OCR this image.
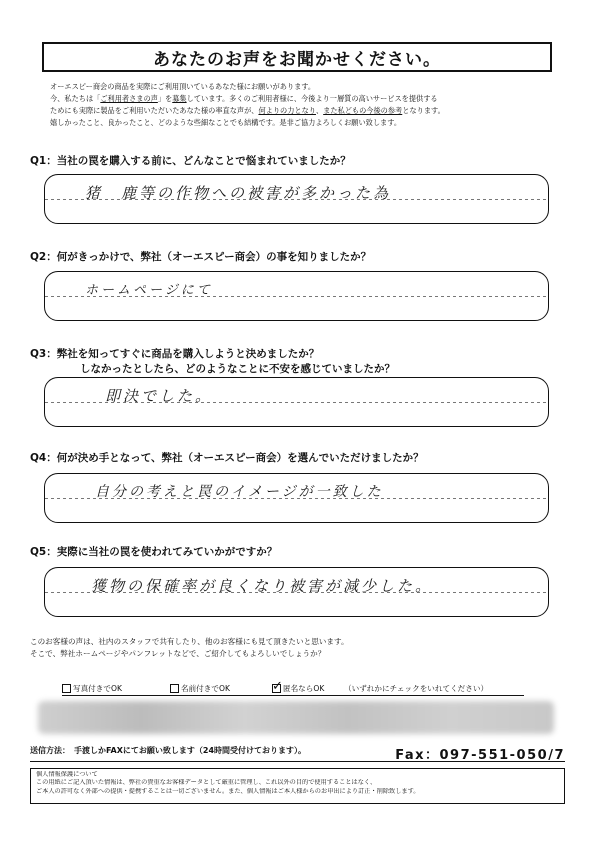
あなたのお声をお聞かせください。
オーエスピー商会の商品を実際にご利用頂いているあなた様にお願いがあります。
今、私たちは「ご利用者さまの声」を募集しています。多くのご利用者様に、今後より一層質の高いサービスを提供する
ためにも実際に製品をご利用いただいたあなた様の率直な声が、何よりの力となり、また私どもの今後の参考となります。
嬉しかったこと、良かったこと、どのような些細なことでも結構です。是非ご協力よろしくお願い致します。
Q1：当社の罠を購入する前に、どんなことで悩まれていましたか？
猪　鹿等の作物への被害が多かった為
Q2：何がきっかけで、弊社（オーエスピー商会）の事を知りましたか？
ホームページにて
Q3：弊社を知ってすぐに商品を購入しようと決めましたか？
しなかったとしたら、どのようなことに不安を感じていましたか？
即決でした。
Q4：何が決め手となって、弊社（オーエスピー商会）を選んでいただけましたか？
自分の考えと罠のイメージが一致した
Q5：実際に当社の罠を使われてみていかがですか？
獲物の保確率が良くなり被害が減少した。
このお客様の声は、社内のスタッフで共有したり、他のお客様にも見て頂きたいと思います。
そこで、弊社ホームページやパンフレットなどで、ご紹介してもよろしいでしょうか？
写真付きでOK	名前付きでOK	✓ 匿名ならOK	（いずれかにチェックをいれてください）
送信方法：　手渡しかFAXにてお願い致します（24時間受付けております）。	Fax：097-551-050/7
個人情報保護について
この用紙にご記入頂いた情報は、弊社の貴重なお客様データとして厳重に管理し、これ以外の目的で使用することはなく、
ご本人の許可なく外部への提供・提携することは一切ございません。また、個人情報はご本人様からのお申出により訂正・削除致します。
